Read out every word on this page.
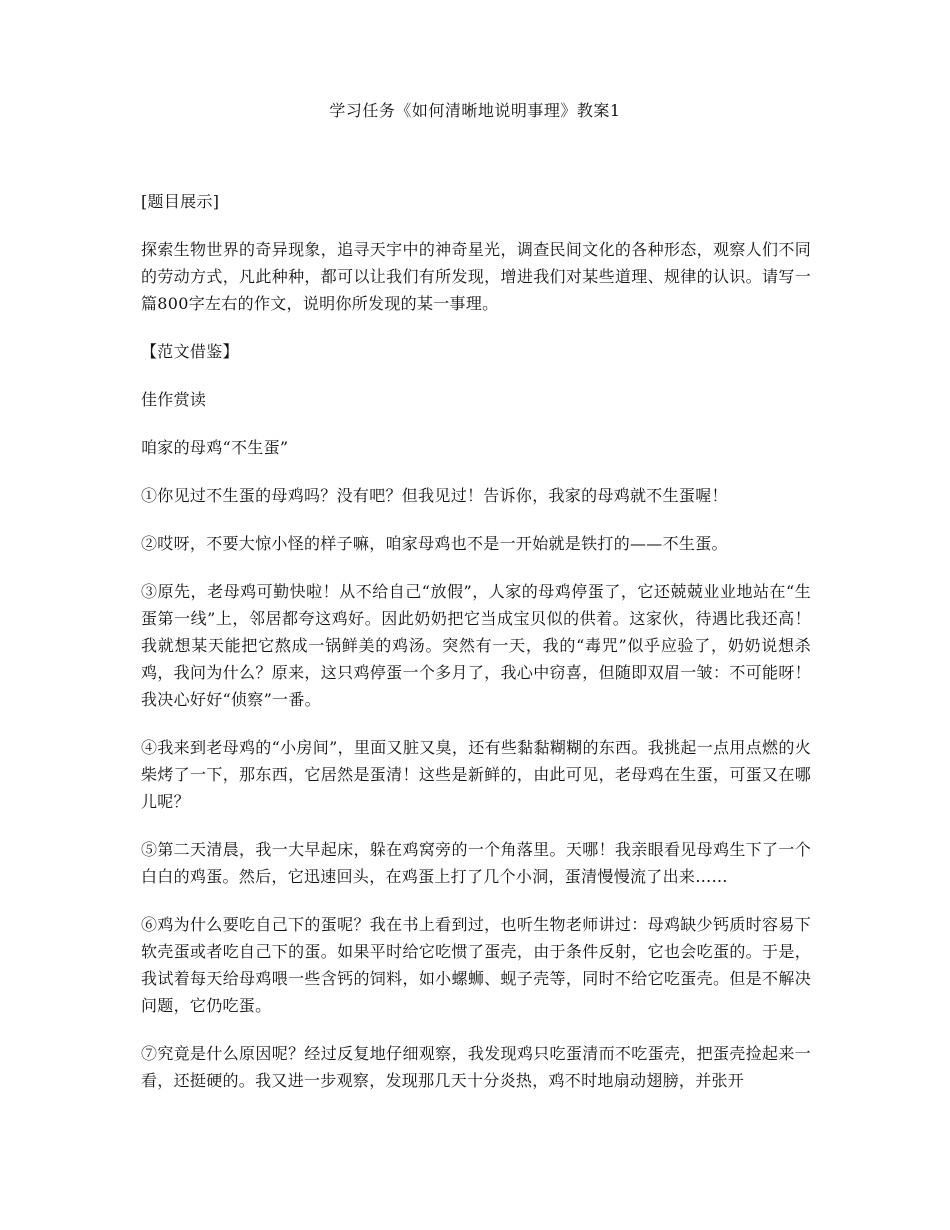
学习任务《如何清晰地说明事理》教案1

[题目展示]

探索生物世界的奇异现象，追寻天宇中的神奇星光，调查民间文化的各种形态，观察人们不同的劳动方式，凡此种种，都可以让我们有所发现，增进我们对某些道理、规律的认识。请写一篇800字左右的作文，说明你所发现的某一事理。

【范文借鉴】

佳作赏读

咱家的母鸡“不生蛋”

①你见过不生蛋的母鸡吗？没有吧？但我见过！告诉你，我家的母鸡就不生蛋喔！

②哎呀，不要大惊小怪的样子嘛，咱家母鸡也不是一开始就是铁打的——不生蛋。

③原先，老母鸡可勤快啦！从不给自己“放假”，人家的母鸡停蛋了，它还兢兢业业地站在“生蛋第一线”上，邻居都夸这鸡好。因此奶奶把它当成宝贝似的供着。这家伙，待遇比我还高！我就想某天能把它熬成一锅鲜美的鸡汤。突然有一天，我的“毒咒”似乎应验了，奶奶说想杀鸡，我问为什么？原来，这只鸡停蛋一个多月了，我心中窃喜，但随即双眉一皱：不可能呀！我决心好好“侦察”一番。

④我来到老母鸡的“小房间”，里面又脏又臭，还有些黏黏糊糊的东西。我挑起一点用点燃的火柴烤了一下，那东西，它居然是蛋清！这些是新鲜的，由此可见，老母鸡在生蛋，可蛋又在哪儿呢？

⑤第二天清晨，我一大早起床，躲在鸡窝旁的一个角落里。天哪！我亲眼看见母鸡生下了一个白白的鸡蛋。然后，它迅速回头，在鸡蛋上打了几个小洞，蛋清慢慢流了出来……

⑥鸡为什么要吃自己下的蛋呢？我在书上看到过，也听生物老师讲过：母鸡缺少钙质时容易下软壳蛋或者吃自己下的蛋。如果平时给它吃惯了蛋壳，由于条件反射，它也会吃蛋的。于是，我试着每天给母鸡喂一些含钙的饲料，如小螺蛳、蚬子壳等，同时不给它吃蛋壳。但是不解决问题，它仍吃蛋。

⑦究竟是什么原因呢？经过反复地仔细观察，我发现鸡只吃蛋清而不吃蛋壳，把蛋壳捡起来一看，还挺硬的。我又进一步观察，发现那几天十分炎热，鸡不时地扇动翅膀，并张开
